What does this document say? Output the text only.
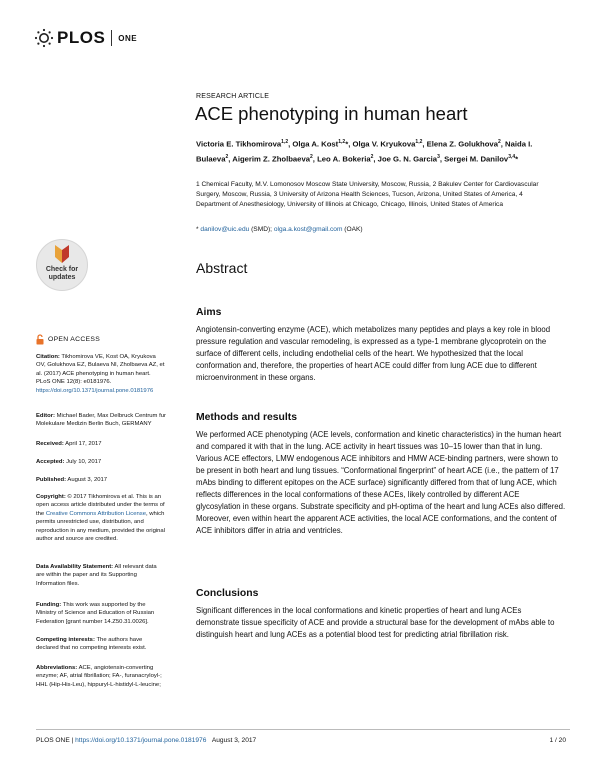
PLOS ONE
RESEARCH ARTICLE
ACE phenotyping in human heart
Victoria E. Tikhomirova$^{1,2}$, Olga A. Kost$^{1,2}$*, Olga V. Kryukova$^{1,2}$, Elena Z. Golukhova$^2$, Naida I. Bulaeva$^2$, Aigerim Z. Zholbaeva$^2$, Leo A. Bokeria$^2$, Joe G. N. Garcia$^3$, Sergei M. Danilov$^{3,4}$*
1 Chemical Faculty, M.V. Lomonosov Moscow State University, Moscow, Russia, 2 Bakulev Center for Cardiovascular Surgery, Moscow, Russia, 3 University of Arizona Health Sciences, Tucson, Arizona, United States of America, 4 Department of Anesthesiology, University of Illinois at Chicago, Chicago, Illinois, United States of America
* danilov@uic.edu (SMD); olga.a.kost@gmail.com (OAK)
Abstract
Aims
Angiotensin-converting enzyme (ACE), which metabolizes many peptides and plays a key role in blood pressure regulation and vascular remodeling, is expressed as a type-1 membrane glycoprotein on the surface of different cells, including endothelial cells of the heart. We hypothesized that the local conformation and, therefore, the properties of heart ACE could differ from lung ACE due to different microenvironment in these organs.
Methods and results
We performed ACE phenotyping (ACE levels, conformation and kinetic characteristics) in the human heart and compared it with that in the lung. ACE activity in heart tissues was 10–15 lower than that in lung. Various ACE effectors, LMW endogenous ACE inhibitors and HMW ACE-binding partners, were shown to be present in both heart and lung tissues. “Conformational fingerprint” of heart ACE (i.e., the pattern of 17 mAbs binding to different epitopes on the ACE surface) significantly differed from that of lung ACE, which reflects differences in the local conformations of these ACEs, likely controlled by different ACE glycosylation in these organs. Substrate specificity and pH-optima of the heart and lung ACEs also differed. Moreover, even within heart the apparent ACE activities, the local ACE conformations, and the content of ACE inhibitors differ in atria and ventricles.
Conclusions
Significant differences in the local conformations and kinetic properties of heart and lung ACEs demonstrate tissue specificity of ACE and provide a structural base for the development of mAbs able to distinguish heart and lung ACEs as a potential blood test for predicting atrial fibrillation risk.
Check for
updates
OPEN ACCESS
Citation: Tikhomirova VE, Kost OA, Kryukova OV, Golukhova EZ, Bulaeva NI, Zholbaeva AZ, et al. (2017) ACE phenotyping in human heart. PLoS ONE 12(8): e0181976. https://doi.org/10.1371/journal.pone.0181976
Editor: Michael Bader, Max Delbruck Centrum fur Molekulare Medizin Berlin Buch, GERMANY
Received: April 17, 2017
Accepted: July 10, 2017
Published: August 3, 2017
Copyright: © 2017 Tikhomirova et al. This is an open access article distributed under the terms of the Creative Commons Attribution License, which permits unrestricted use, distribution, and reproduction in any medium, provided the original author and source are credited.
Data Availability Statement: All relevant data are within the paper and its Supporting Information files.
Funding: This work was supported by the Ministry of Science and Education of Russian Federation [grant number 14.Z50.31.0026].
Competing interests: The authors have declared that no competing interests exist.
Abbreviations: ACE, angiotensin-converting enzyme; AF, atrial fibrillation; FA-, furanacryloyl-; HHL (Hip-His-Leu), hippuryl-L-histidyl-L-leucine;
PLOS ONE | https://doi.org/10.1371/journal.pone.0181976 August 3, 2017	1 / 20
